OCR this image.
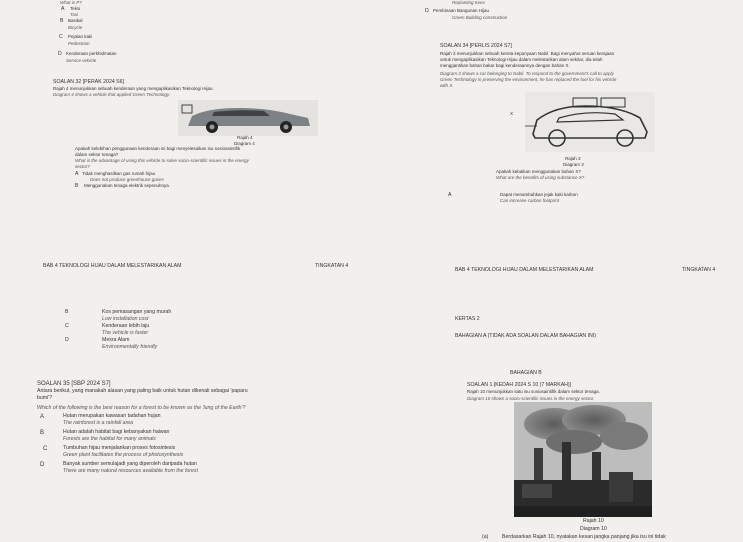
What is P?
A Teksi
Taxi
B Basikal
Bicycle
C Pejalan kaki
Pedestrian
D Kenderaan perkhidmatan
Service vehicle
Replanting trees
D Pembinaan Bangunan Hijau
Green Building construction
SOALAN 32 [PERAK 2024 S6]
Rajah 4 menunjukkan sebuah kenderaan yang mengaplikasikan Teknologi Hijau.
Diagram 4 shows a vehicle that applied Green Technology.
Rajah 4
Diagram 4
Apakah kelebihan penggunaan kenderaan ini bagi menyelesaikan isu sosiosaintifik
dalam sektor tenaga?
What is the advantage of using this vehicle to solve socio-scientific issues in the energy
sector?
A Tidak menghasilkan gas rumah hijau
Does not produce greenhouse gases
B Menggunakan tenaga elektrik sepenuhnya
SOALAN 34 [PERLIS 2024 S7]
Rajah 3 menunjukkan sebuah kereta kepunyaan Nabil. Bagi menyahut seruan kerajaan
untuk mengaplikasikan Teknologi Hijau dalam melestarikan alam sekitar, dia telah
menggantikan bahan bakar bagi kenderaannya dengan bahan X.
Diagram 3 shows a car belonging to Nabil. To respond to the government's call to apply
Green Technology in preserving the environment, he has replaced the fuel for his vehicle
with X.
X
Rajah 3
Diagram 3
Apakah kebaikan menggunakan bahan X?
What are the benefits of using substance X?
A	Dapat menambahkan jejak kaki karbon
Can increase carbon footprint
BAB 4 TEKNOLOGI HIJAU DALAM MELESTARIKAN ALAM	TINGKATAN 4
BAB 4 TEKNOLOGI HIJAU DALAM MELESTARIKAN ALAM	TINGKATAN 4
B	Kos pemasangan yang murah
Low installation cost
C	Kenderaan lebih laju
The vehicle is faster
D	Mesra Alam
Environmentally friendly
KERTAS 2
BAHAGIAN A (TIDAK ADA SOALAN DALAM BAHAGIAN INI)
BAHAGIAN B
SOALAN 35 [SBP 2024 S7]
Antara berikut, yang manakah alasan yang paling baik untuk hutan dikenali sebagai 'paparu
bumi'?
Which of the following is the best reason for a forest to be known as the 'lung of the Earth'?
A	Hutan merupakan kawasan tadahan hujan
The rainforest is a rainfall area
B	Hutan adalah habitat bagi kebanyakan haiwan
Forests are the habitat for many animals
C	Tumbuhan hijau menjalankan proses fotosintesis
Green plant facilitates the process of photosynthesis
D	Banyak sumber semulajadi yang diperoleh daripada hutan
There are many natural resources available from the forest
SOALAN 1 [KEDAH 2024 S 10 (7 MARKAH)]
Rajah 10 menunjukkan satu isu sosiosaintifik dalam sektor tenaga.
Diagram 10 shows a socio-scientific issues in the energy sector.
Rajah 10
Diagram 10
(a)	Berdasarkan Rajah 10, nyatakan kesan jangka panjang jika isu ini tidak
